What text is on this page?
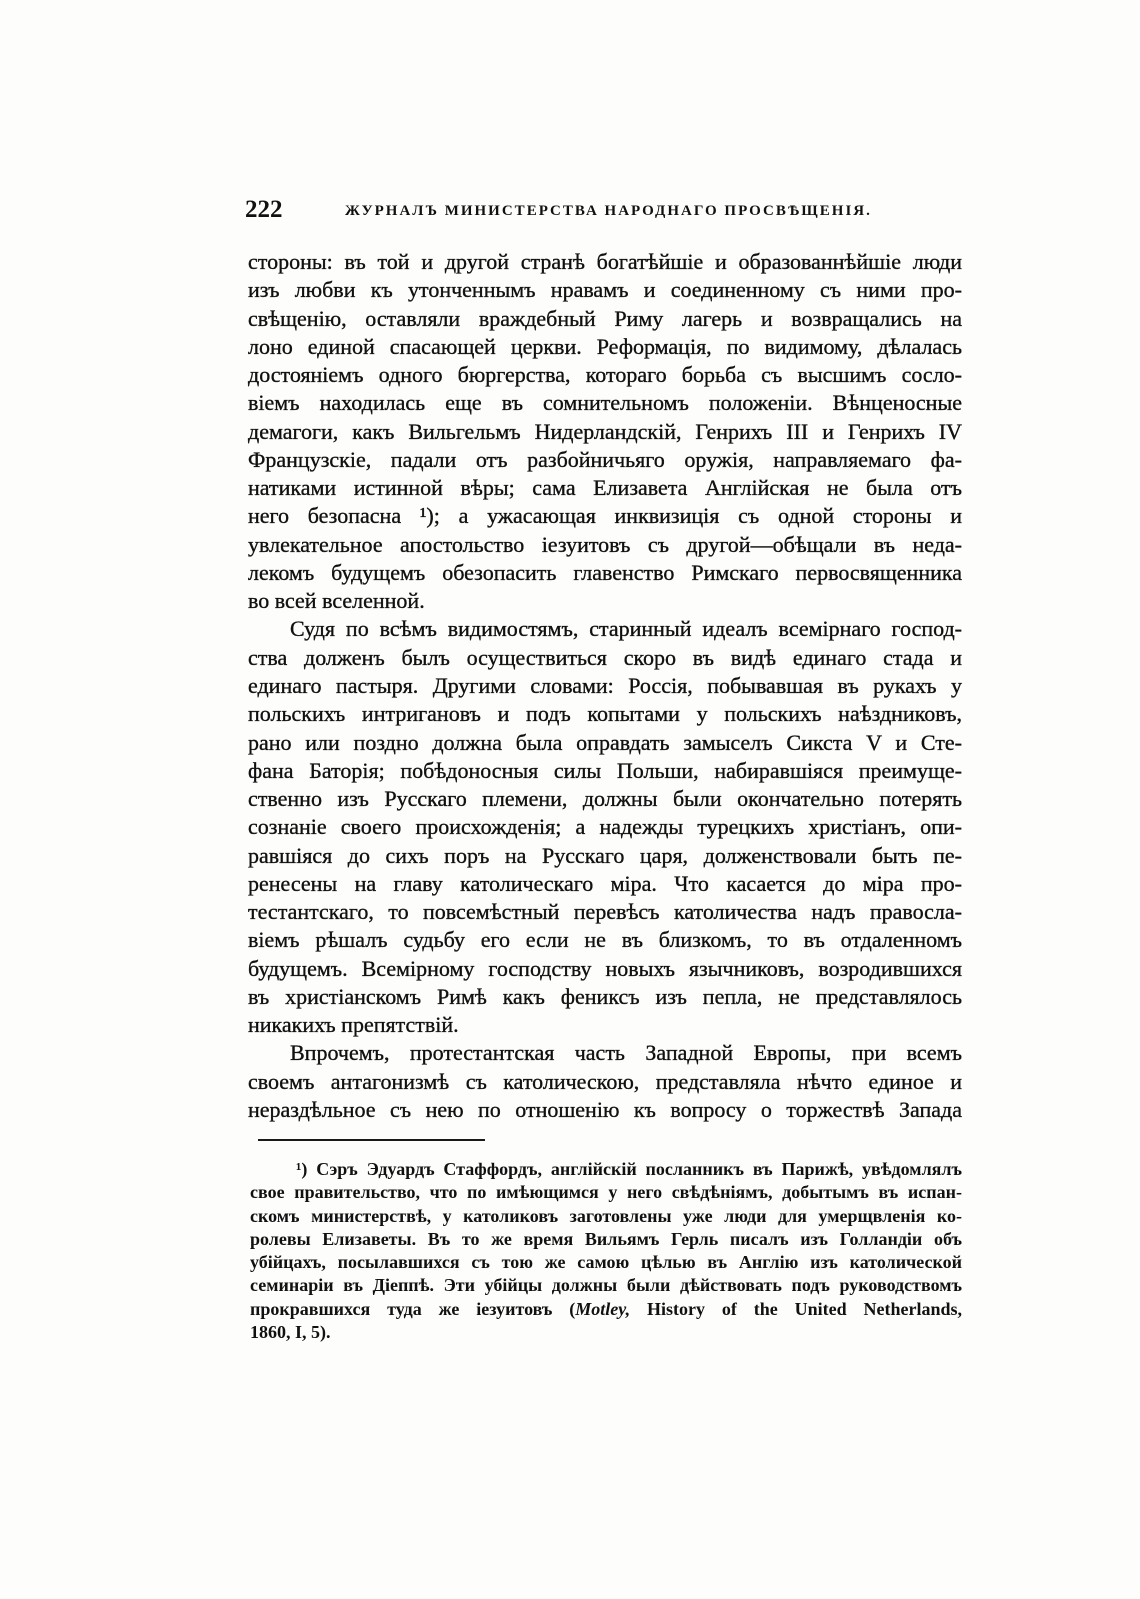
222	ЖУРНАЛЪ МИНИСТЕРСТВА НАРОДНАГО ПРОСВѢЩЕНІЯ.
стороны: въ той и другой странѣ богатѣйшіе и образованнѣйшіе люди
изъ любви къ утонченнымъ нравамъ и соединенному съ ними про-
свѣщенію, оставляли враждебный Риму лагерь и возвращались на
лоно единой спасающей церкви. Реформація, по видимому, дѣлалась
достояніемъ одного бюргерства, котораго борьба съ высшимъ сосло-
віемъ находилась еще въ сомнительномъ положеніи. Вѣнценосные
демагоги, какъ Вильгельмъ Нидерландскій, Генрихъ III и Генрихъ IV
Французскіе, падали отъ разбойничьяго оружія, направляемаго фа-
натиками истинной вѣры; сама Елизавета Англійская не была отъ
него безопасна ¹); а ужасающая инквизиція съ одной стороны и
увлекательное апостольство іезуитовъ съ другой—обѣщали въ неда-
лекомъ будущемъ обезопасить главенство Римскаго первосвященника
во всей вселенной.
Судя по всѣмъ видимостямъ, старинный идеалъ всемірнаго господ-
ства долженъ былъ осуществиться скоро въ видѣ единаго стада и
единаго пастыря. Другими словами: Россія, побывавшая въ рукахъ у
польскихъ интригановъ и подъ копытами у польскихъ наѣздниковъ,
рано или поздно должна была оправдать замыселъ Сикста V и Сте-
фана Баторія; побѣдоносныя силы Польши, набиравшіяся преимуще-
ственно изъ Русскаго племени, должны были окончательно потерять
сознаніе своего происхожденія; а надежды турецкихъ христіанъ, опи-
равшіяся до сихъ поръ на Русскаго царя, долженствовали быть пе-
ренесены на главу католическаго міра. Что касается до міра про-
тестантскаго, то повсемѣстный перевѣсъ католичества надъ правосла-
віемъ рѣшалъ судьбу его если не въ близкомъ, то въ отдаленномъ
будущемъ. Всемірному господству новыхъ язычниковъ, возродившихся
въ христіанскомъ Римѣ какъ фениксъ изъ пепла, не представлялось
никакихъ препятствій.
Впрочемъ, протестантская часть Западной Европы, при всемъ
своемъ антагонизмѣ съ католическою, представляла нѣчто единое и
нераздѣльное съ нею по отношенію къ вопросу о торжествѣ Запада
¹) Сэръ Эдуардъ Стаффордъ, англійскій посланникъ въ Парижѣ, увѣдомлялъ
свое правительство, что по имѣющимся у него свѣдѣніямъ, добытымъ въ испан-
скомъ министерствѣ, у католиковъ заготовлены уже люди для умерщвленія ко-
ролевы Елизаветы. Въ то же время Вильямъ Герль писалъ изъ Голландіи объ
убійцахъ, посылавшихся съ тою же самою цѣлью въ Англію изъ католической
семинаріи въ Діеппѣ. Эти убійцы должны были дѣйствовать подъ руководствомъ
прокравшихся туда же іезуитовъ (Motley, History of the United Netherlands,
1860, I, 5).
